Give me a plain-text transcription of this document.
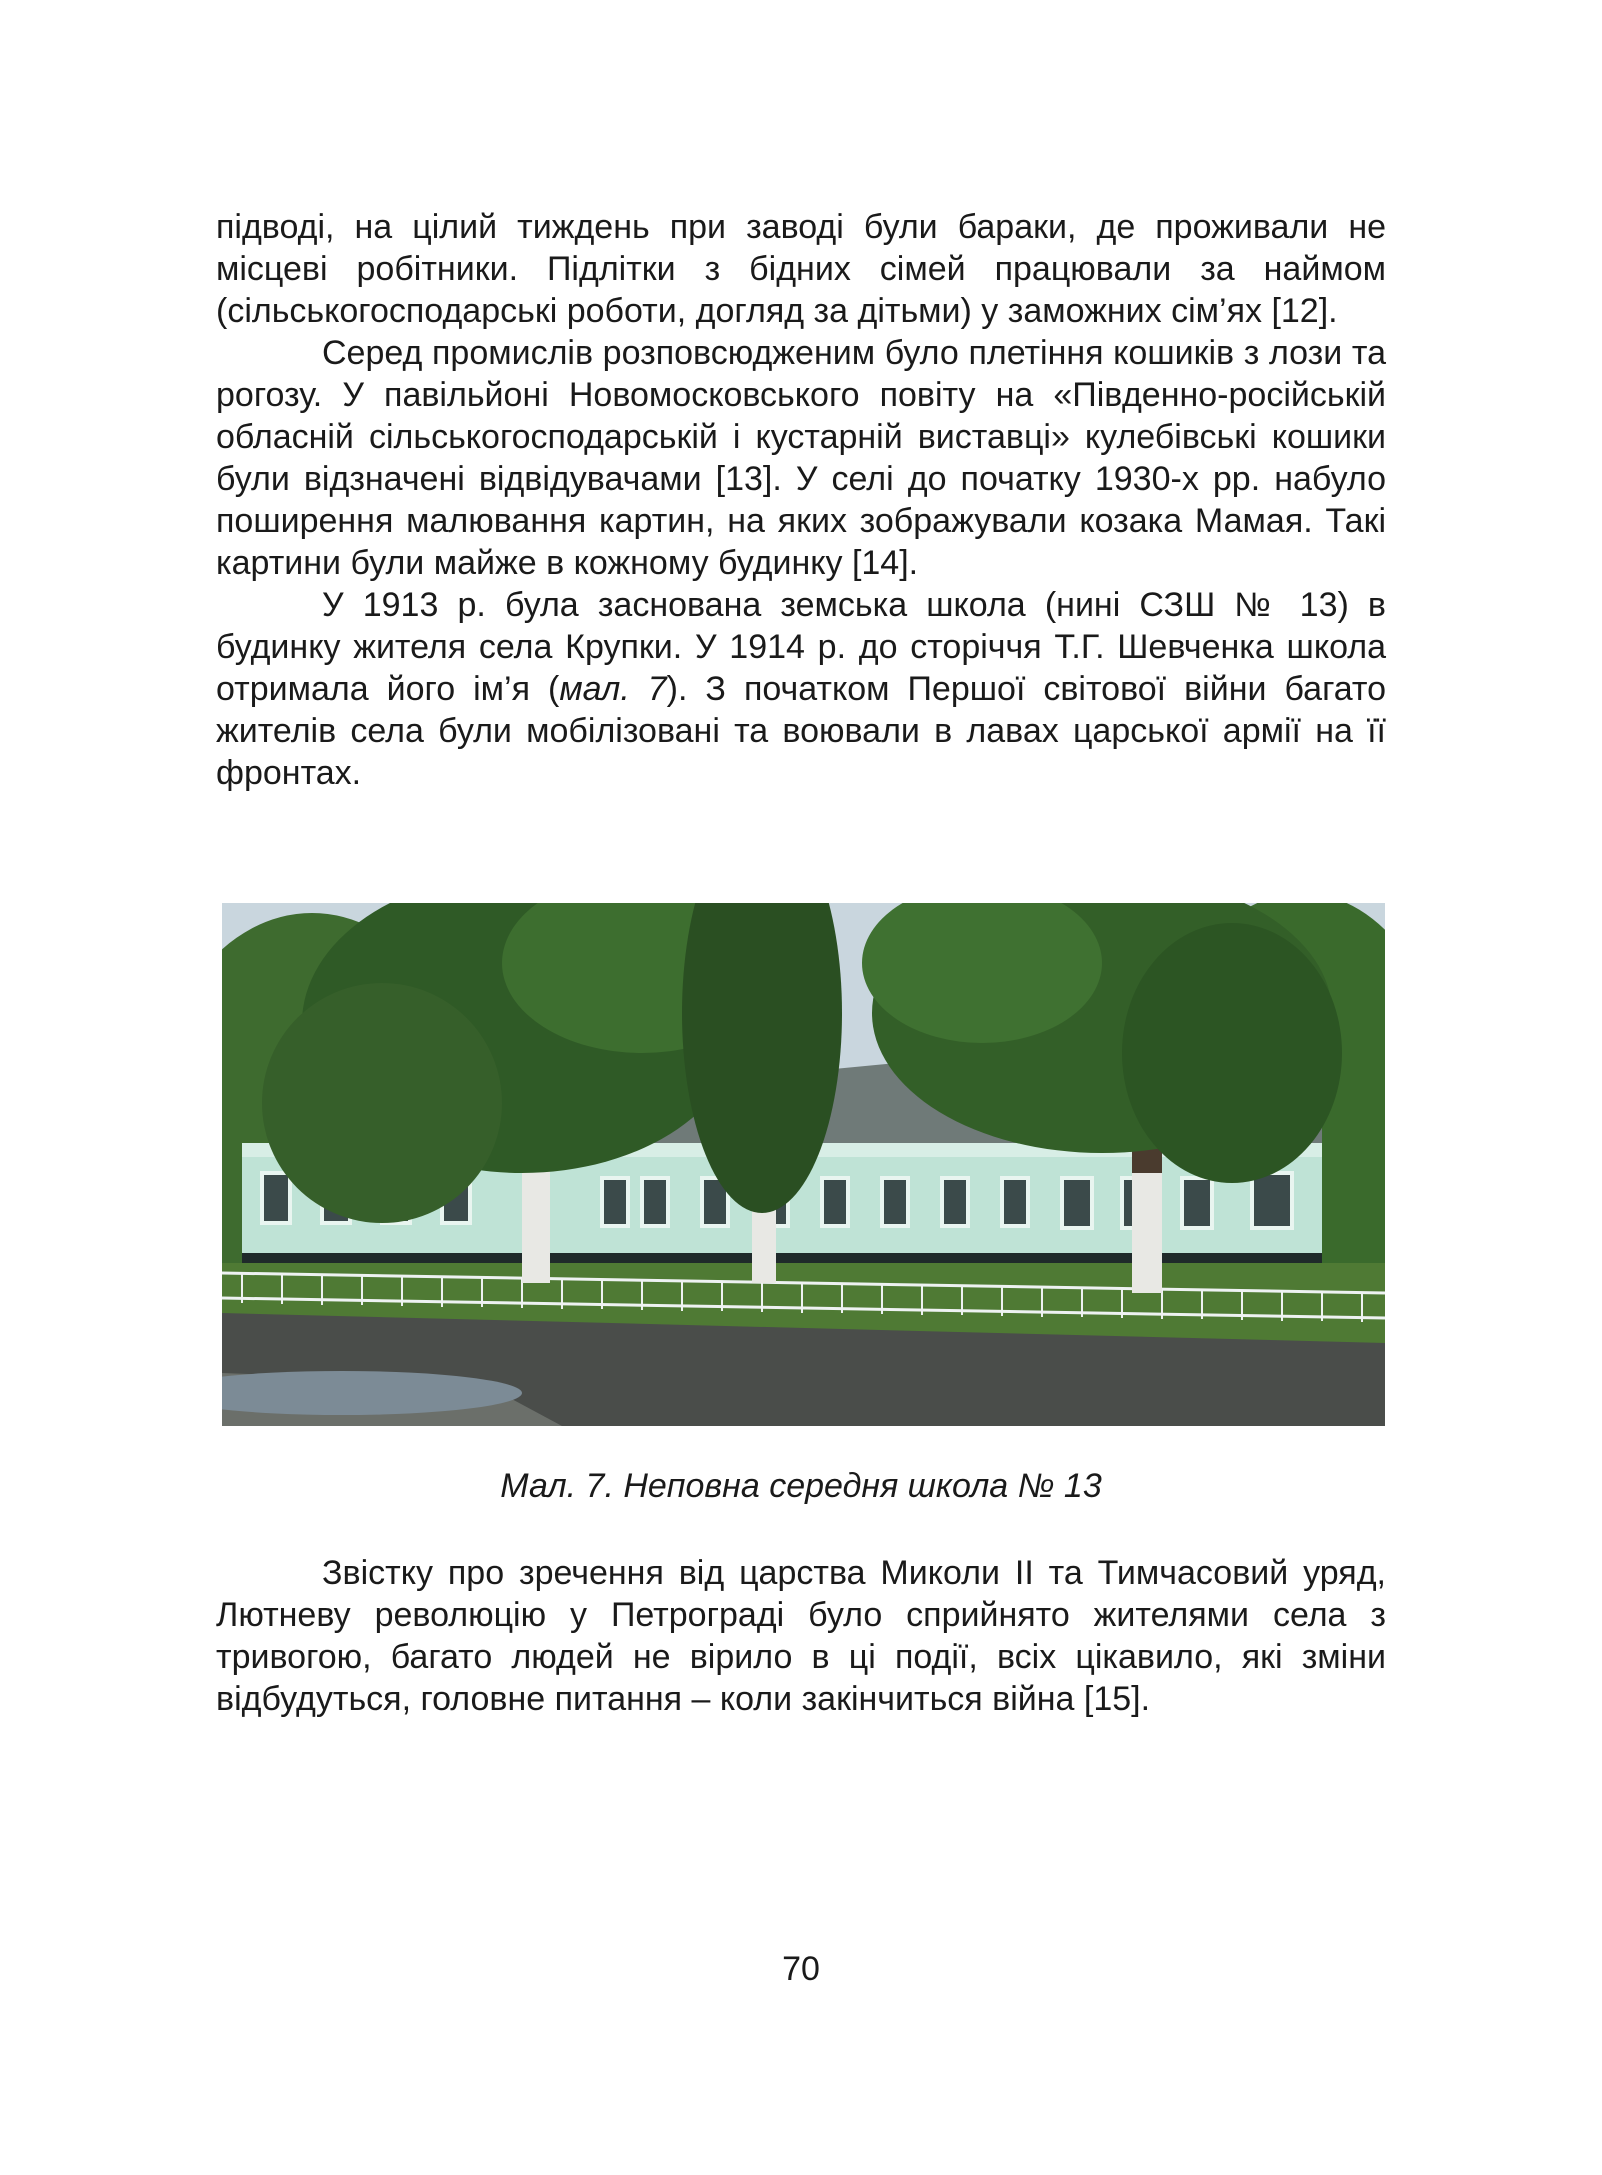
підводі, на цілий тиждень при заводі були бараки, де проживали не місцеві робітники. Підлітки з бідних сімей працювали за наймом (сільськогосподарські роботи, догляд за дітьми) у заможних сім’ях [12].

Серед промислів розповсюдженим було плетіння кошиків з лози та рогозу. У павільйоні Новомосковського повіту на «Південно-російській обласній сільськогосподарській і кустарній виставці» кулебівські кошики були відзначені відвідувачами [13]. У селі до початку 1930-х рр. набуло поширення малювання картин, на яких зображували козака Мамая. Такі картини були майже в кожному будинку [14].

У 1913 р. була заснована земська школа (нині СЗШ № 13) в будинку жителя села Крупки. У 1914 р. до сторіччя Т.Г. Шевченка школа отримала його ім’я (мал. 7). З початком Першої світової війни багато жителів села були мобілізовані та воювали в лавах царської армії на її фронтах.

Мал. 7. Неповна середня школа № 13

Звістку про зречення від царства Миколи ІІ та Тимчасовий уряд, Лютневу революцію у Петрограді було сприйнято жителями села з тривогою, багато людей не вірило в ці події, всіх цікавило, які зміни відбудуться, головне питання – коли закінчиться війна [15].

70
